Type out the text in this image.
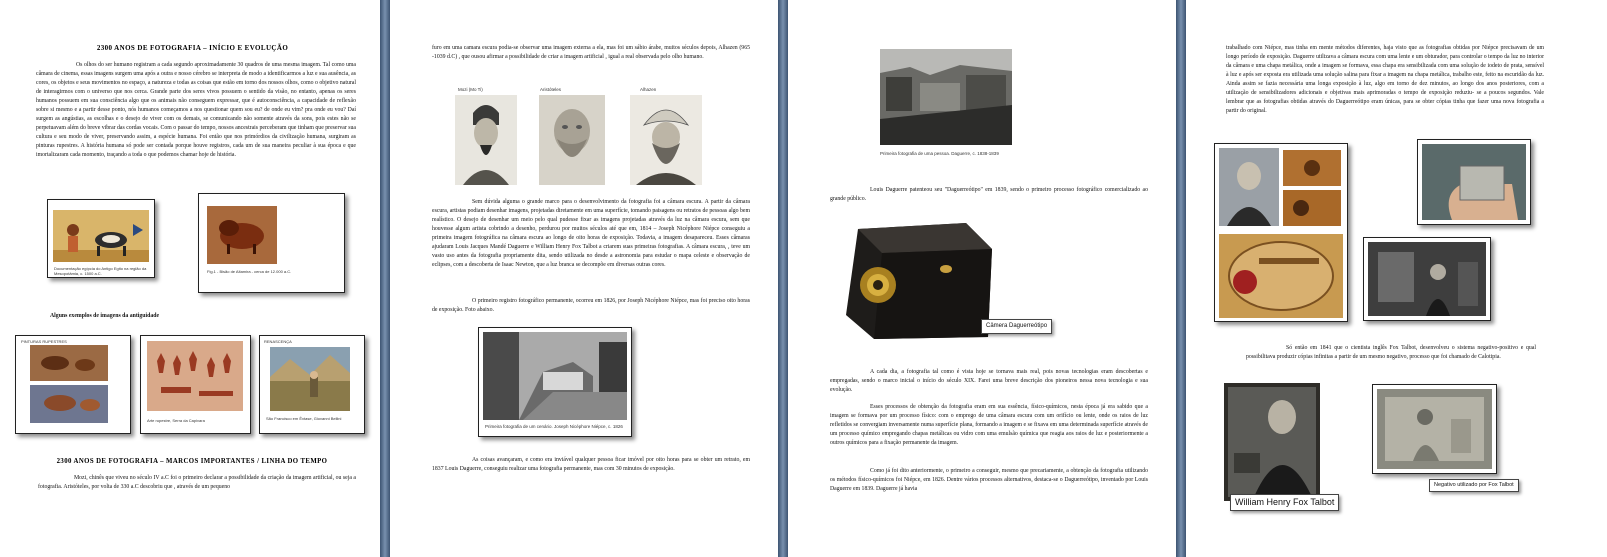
2300 ANOS DE FOTOGRAFIA – INÍCIO E EVOLUÇÃO

Os olhos do ser humano registram a cada segundo aproximadamente 30 quadros de uma mesma imagem. Tal como uma câmara de cinema, essas imagens surgem uma após a outra e nosso cérebro se interpreta de modo a identificarmos a luz e sua ausência, as cores, os objetos e seus movimentos no espaço, a natureza e todas as coisas que estão em torno dos nossos olhos, como o objetivo natural de interagirmos com o universo que nos cerca. Grande parte dos seres vivos possuem o sentido da visão, no entanto, apenas os seres humanos possuem em sua consciência algo que os animais não conseguem expressar, que é autoconsciência, a capacidade de reflexão sobre si mesmo e a partir desse ponto, nós humanos começamos a nos questionar quem sou eu? de onde eu vim? pra onde eu vou? Daí surgem as angústias, as escolhas e o desejo de viver com os demais, se comunicando não somente através da sons, pois estes não se perpetuavam além do breve vibrar das cordas vocais. Com o passar do tempo, nossos ancestrais perceberam que tinham que preservar sua cultura e seu modo de viver, preservando assim, a espécie humana. Foi então que nos primórdios da civilização humana, surgiram as pinturas rupestres. A história humana só pode ser contada porque houve registros, cada um de sua maneira peculiar à sua época e que imortalizaram cada momento, traçando a toda o que podemos chamar hoje de história.

Documentação egípcia do Antigo Egito na região da Mesopotâmia, c. 1500 a.C.	Fig.1 - Bisão de Altamira - cerca de 12.000 a.C.

Alguns exemplos de imagens da antiguidade

PINTURAS RUPESTRES

Arte rupestre, Serra da Capivara

RENASCENÇA

São Francisco em Êxtase, Giovanni Bellini

2300 ANOS DE FOTOGRAFIA – MARCOS IMPORTANTES / LINHA DO TEMPO

Mozi, chinês que viveu no século IV a.C foi o primeiro declarar a possibilidade da criação da imagem artificial, ou seja a fotografia. Aristóteles, por volta de 330 a.C descobriu que , através de um pequeno

furo em uma camara escura podia-se observar uma imagem externa a ela, mas foi um sábio árabe, muitos séculos depois, Alhazen (965 -1039 d.C) , que ousou afirmar a possibilidade de criar a imagem artificial , igual a real observada pelo olho humano.

Mozi (Mo Ti)	Aristóteles	Alhazen

Sem dúvida alguma o grande marco para o desenvolvimento da fotografia foi a câmara escura. A partir da câmara escura, artistas podiam desenhar imagens, projetadas diretamente em uma superfície, tomando paisagens ou retratos de pessoas algo bem realístico. O desejo de desenhar um meio pelo qual pudesse fixar as imagens projetadas através da luz na câmara escura, sem que houvesse algum artista cobrindo a desenho, perdurou por muitos séculos até que em, 1814 – Joseph Nicéphore Niépce conseguiu a primeira imagem fotográfica na câmara escura ao longo de oito horas de exposição. Todavia, a imagem desapareceu. Esses câmaras ajudaram Louis Jacques Mandé Daguerre e William Henry Fox Talbot a criarem suas primeiras fotografias. A câmara escura, , teve um vasto uso antes da fotografia propriamente dita, sendo utilizada no desde a astronomia para estudar o mapa celeste e observação de eclipses, com a descoberta de Isaac Newton, que a luz branca se decompõe em diversas outras cores.

O primeiro registro fotográfico permanente, ocorreu em 1826, por Joseph Nicéphore Niépce, mas foi preciso oito horas de exposição. Foto abaixo.

Primeira fotografia de um cenário. Joseph Nicéphore Niépce, c. 1826

As coisas avançaram, e como era inviável qualquer pessoa ficar imóvel por oito horas para se obter um retrato, em 1837 Louis Daguerre, conseguiu realizar uma fotografia permanente, mas com 30 minutos de exposição.

Primeira fotografia de uma pessoa. Daguerre, c. 1838-1839

Louis Daguerre patenteou seu "Daguerreótipo" em 1839, sendo o primeiro processo fotográfico comercializado ao grande público.

Câmera Daguerreótipo

A cada dia, a fotografia tal como é vista hoje se tornava mais real, pois novas tecnologias eram descobertas e empregadas, sendo o marco inicial o início do século XIX. Farei uma breve descrição dos pioneiros nessa nova tecnologia e sua evolução.

Esses processos de obtenção da fotografia eram em sua essência, físico-químicos, nesta época já era sabido que a imagem se formava por um processo físico: com o emprego de uma câmara escura com um orifício ou lente, onde os raios de luz refletidos se convergiam inversamente numa superfície plana, formando a imagem e se fixava em uma determinada superfície através de um processo químico empregando chapas metálicas ou vidro com uma emulsão química que reagia aos raios de luz e posteriormente a outros químicos para a fixação permanente da imagem.

Como já foi dito anteriormente, o primeiro a conseguir, mesmo que precariamente, a obtenção da fotografia utilizando os métodos físico-químicos foi Niépce, em 1826. Dentre vários processos alternativos, destaca-se o Daguerreótipo, inventado por Louis Daguerre em 1839. Daguerre já havia

trabalhado com Niépce, mas tinha em mente métodos diferentes, haja visto que as fotografias obtidas por Niépce precisavam de um longo período de exposição. Daguerre utilizava a câmara escura com uma lente e um obturador, para controlar o tempo da luz no interior da câmara e uma chapa metálica, onde a imagem se formava, essa chapa era sensibilizada com uma solução de iodeto de prata, sensível à luz e após ser exposta era utilizada uma solução salina para fixar a imagem na chapa metálica, trabalho este, feito na escuridão da luz. Ainda assim se fazia necessária uma longa exposição à luz, algo em torno de dez minutos, ao longo dos anos posteriores, com a utilização de sensibilizadores adicionais e objetivas mais aprimoradas o tempo de exposição reduziu- se a poucos segundos. Vale lembrar que as fotografias obtidas através do Daguerreótipo eram únicas, para se obter cópias tinha que fazer uma nova fotografia a partir do original.

Só então em 1841 que o cientista inglês Fox Talbot, desenvolveu o sistema negativo-positivo e qual possibilitava produzir cópias infinitas a partir de um mesmo negativo, processo que foi chamado de Calotipia.

William Henry Fox Talbot
Negativo utilizado por Fox Talbot
